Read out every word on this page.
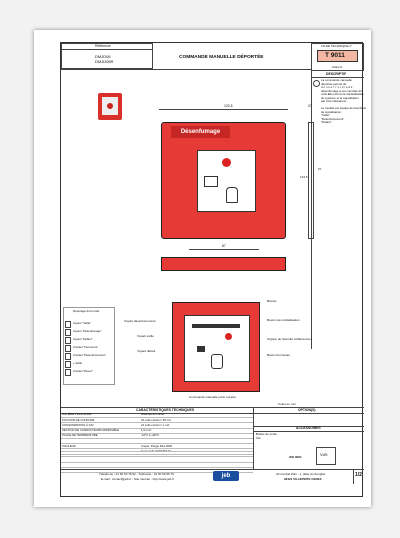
Référence
DMJD06
DMJD06R
COMMANDE MANUELLE DÉPORTÉE
FICHE TECHNIQUE n°
T 9011
Indice D
DESCRIPTIF
La commande manuelle
déportée permet de
d o n n e r l ' o r d r e d e
désenfumage à une centrale 24
volts.Elle permet la réinitialisation
du système et la signalisation
par trois indications.
Le modèle est équipé de bouchons
de signalisation:
"Veille"
"Désenfumement"
"Défaut"
122,5	27
Désenfumage
123,5
67
87
Repérage du bornier
Voyant "Veille"
Voyant "Désenfumage"
Voyant "Défaut"
Contact "Fermeture"
Contact "Désenfumement"
+ Veille
Contact "Reset"
Voyant désenfumement
Voyant veille
Voyant défaut
Bornier
Bouton de réinitialisation
Organe de Sécurité à Manœuvrer
Bouton fermeture
Commande manuelle porte ouverte
Cotes en mm
CARACTÉRISTIQUES TECHNIQUES	OPTION(S)
MATIÈRE PRINCIPALE	Matériau de coffret
POUVOIR DE COUPURE	24 volts continu / 50 mA
CONSOMMATION À 24V	24 volts continu / 1 mA
SECTION DE CONDUCTEURS ADMISSIBLE	1,5 mm²
PLAGE DE TEMPÉRATURE	-10°C à +60°C
COULEUR	Coque: Rouge RAL 3000
Socle: RAL 9005 BRUN
ACCESSOIRES
Boîtier de sortie
Clé
ISO 9001	VdS
Téléphone : 01 60 60 78 92 - Télécopie : 01 60 60 55 79
E-mail : contact@jeb.fr - Site internet : http://www.jeb.fr	jeb	2A Central Parc - 1, allée du Songlier
93421 VILLEPINTE CEDEX
1/2
